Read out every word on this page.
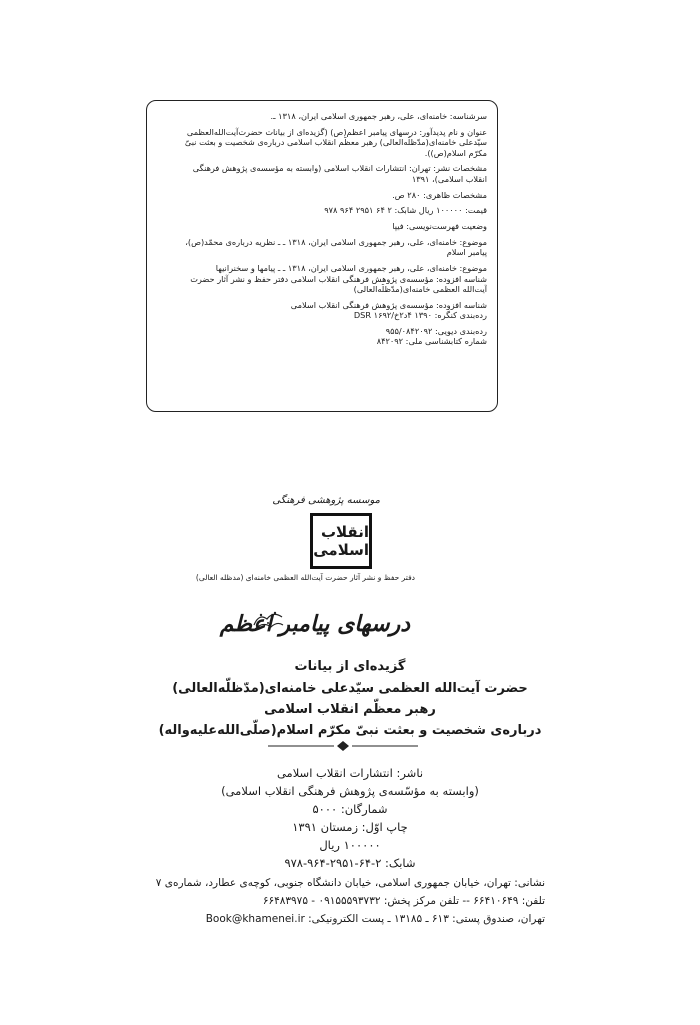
سرشناسه: خامنه‌ای، علی، رهبر جمهوری اسلامی ایران، ۱۳۱۸ ـ.

عنوان و نام پدیدآور: درسهای پیامبر اعظم(ص) (گزیده‌ای از بیانات حضرت‌آیت‌الله‌العظمی

سیّدعلی خامنه‌ای(مدّظلّه‌العالی) رهبر معظّم انقلاب اسلامی درباره‌ی شخصیت و بعثت نبیّ

مکرّم اسلام(ص)).

مشخصات نشر: تهران: انتشارات انقلاب اسلامی (وابسته به مؤسسه‌ی پژوهش فرهنگی

انقلاب اسلامی)، ۱۳۹۱

مشخصات ظاهری: ۲۸۰ ص.

قیمت: ۱۰۰۰۰۰ ریال شابک: ۲ ۶۴ ۲۹۵۱ ۹۶۴ ۹۷۸

وضعیت فهرست‌نویسی: فیپا

موضوع: خامنه‌ای، علی، رهبر جمهوری اسلامی ایران، ۱۳۱۸ ـ ـ نظریه درباره‌ی محمّد(ص)،

پیامبر اسلام

موضوع: خامنه‌ای، علی، رهبر جمهوری اسلامی ایران، ۱۳۱۸ ـ ـ پیامها و سخنرانیها

شناسه افزوده: مؤسسه‌ی پژوهش فرهنگی انقلاب اسلامی دفتر حفظ و نشر آثار حضرت

آیت‌الله العظمی خامنه‌ای(مدّظلّه‌العالی)

شناسه افزوده: مؤسسه‌ی پژوهش فرهنگی انقلاب اسلامی

رده‌بندی کنگره: ۱۳۹۰ ۴د۲خ/۱۶۹۲ DSR

رده‌بندی دیویی: ۹۵۵/۰۸۴۲۰۹۲

شماره کتابشناسی ملی: ۸۴۲۰۹۲

موسسه پژوهشی فرهنگی
انقلاب اسلامی
دفتر حفظ و نشر آثار حضرت آیت‌الله العظمی خامنه‌ای (مدظله العالی)
درسهای پیامبر اعظم
گزیده‌ای از بیانات
حضرت آیت‌الله العظمی سیّدعلی خامنه‌ای(مدّظلّه‌العالی)
رهبر معظّم انقلاب اسلامی
درباره‌ی شخصیت و بعثت نبیّ مکرّم اسلام(صلّی‌الله‌علیه‌واله)
ناشر: انتشارات انقلاب اسلامی
(وابسته به مؤسّسه‌ی پژوهش فرهنگی انقلاب اسلامی)
شمارگان: ۵۰۰۰
چاپ اوّل: زمستان ۱۳۹۱
۱۰۰۰۰۰ ریال
شابک: ۲-۶۴-۲۹۵۱-۹۶۴-۹۷۸
نشانی: تهران، خیابان جمهوری اسلامی، خیابان دانشگاه جنوبی، کوچه‌ی عطارد، شماره‌ی ۷
تلفن: ۶۶۴۱۰۶۴۹ -- تلفن مرکز پخش: ۰۹۱۵۵۵۹۳۷۳۲ - ۶۶۴۸۳۹۷۵
تهران، صندوق پستی: ۶۱۳ ـ ۱۳۱۸۵ ـ پست الکترونیکی: Book@khamenei.ir
